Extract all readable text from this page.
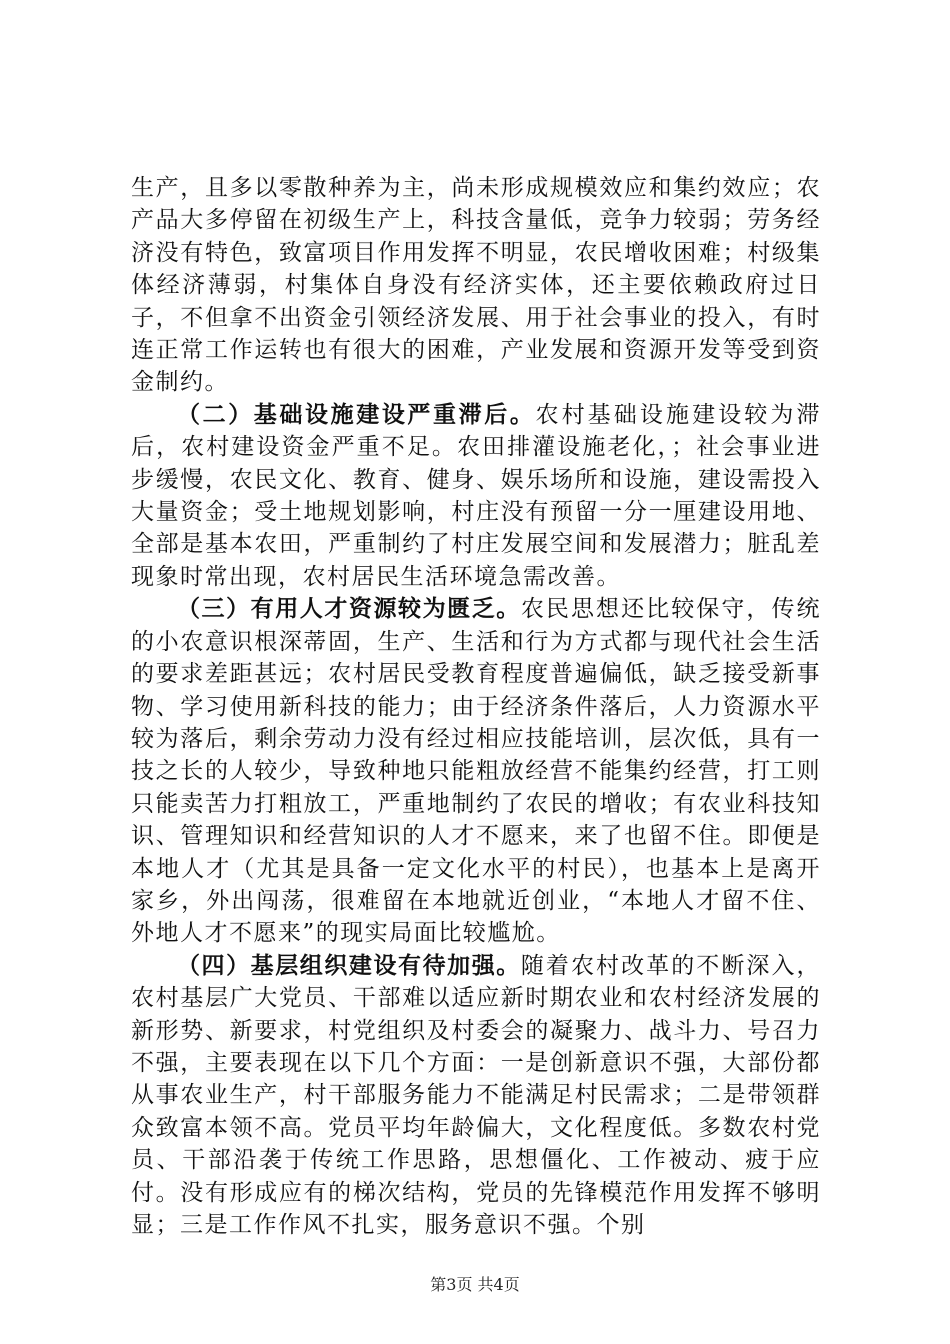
生产，且多以零散种养为主，尚未形成规模效应和集约效应；农产品大多停留在初级生产上，科技含量低，竞争力较弱；劳务经济没有特色，致富项目作用发挥不明显，农民增收困难；村级集体经济薄弱，村集体自身没有经济实体，还主要依赖政府过日子，不但拿不出资金引领经济发展、用于社会事业的投入，有时连正常工作运转也有很大的困难，产业发展和资源开发等受到资金制约。

（二）基础设施建设严重滞后。农村基础设施建设较为滞后，农村建设资金严重不足。农田排灌设施老化，；社会事业进步缓慢，农民文化、教育、健身、娱乐场所和设施，建设需投入大量资金；受土地规划影响，村庄没有预留一分一厘建设用地、全部是基本农田，严重制约了村庄发展空间和发展潜力；脏乱差现象时常出现，农村居民生活环境急需改善。

（三）有用人才资源较为匮乏。农民思想还比较保守，传统的小农意识根深蒂固，生产、生活和行为方式都与现代社会生活的要求差距甚远；农村居民受教育程度普遍偏低，缺乏接受新事物、学习使用新科技的能力；由于经济条件落后，人力资源水平较为落后，剩余劳动力没有经过相应技能培训，层次低，具有一技之长的人较少，导致种地只能粗放经营不能集约经营，打工则只能卖苦力打粗放工，严重地制约了农民的增收；有农业科技知识、管理知识和经营知识的人才不愿来，来了也留不住。即便是本地人才（尤其是具备一定文化水平的村民），也基本上是离开家乡，外出闯荡，很难留在本地就近创业，“本地人才留不住、外地人才不愿来”的现实局面比较尴尬。

（四）基层组织建设有待加强。随着农村改革的不断深入，农村基层广大党员、干部难以适应新时期农业和农村经济发展的新形势、新要求，村党组织及村委会的凝聚力、战斗力、号召力不强，主要表现在以下几个方面：一是创新意识不强，大部份都从事农业生产，村干部服务能力不能满足村民需求；二是带领群众致富本领不高。党员平均年龄偏大，文化程度低。多数农村党员、干部沿袭于传统工作思路，思想僵化、工作被动、疲于应付。没有形成应有的梯次结构，党员的先锋模范作用发挥不够明显；三是工作作风不扎实，服务意识不强。个别

第3页 共4页
